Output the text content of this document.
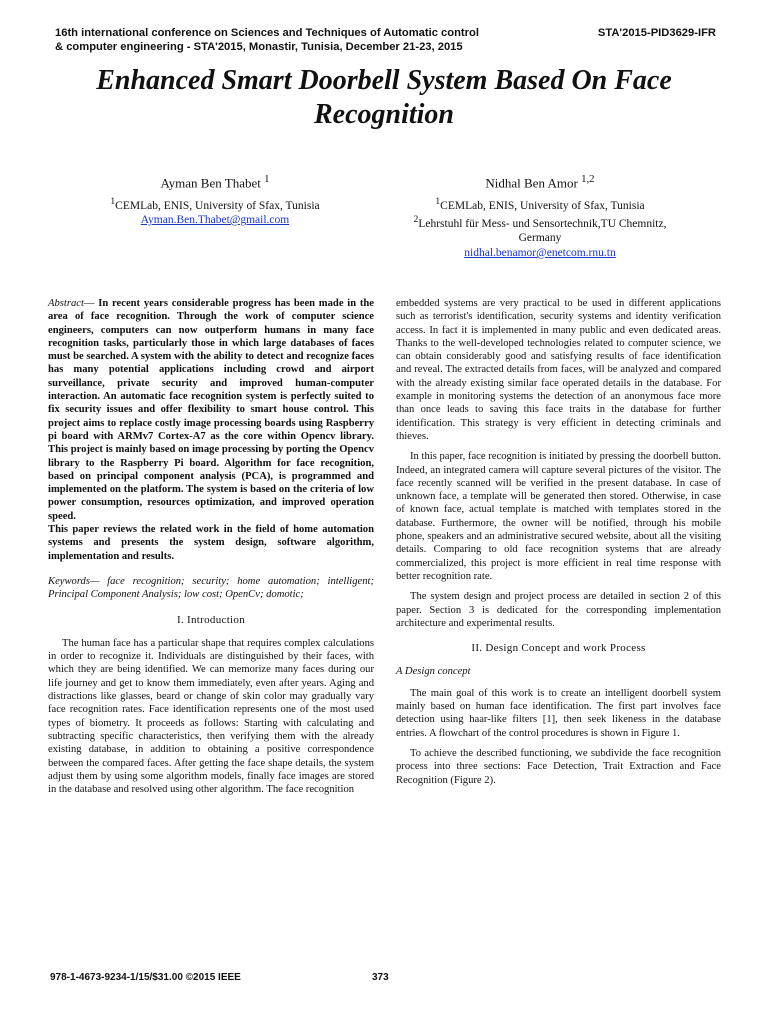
16th international conference on Sciences and Techniques of Automatic control
& computer engineering - STA'2015, Monastir, Tunisia, December 21-23, 2015
STA'2015-PID3629-IFR
Enhanced Smart Doorbell System Based On Face
Recognition
Ayman Ben Thabet $^1$
$^1$CEMLab, ENIS, University of Sfax, Tunisia
Ayman.Ben.Thabet@gmail.com
Nidhal Ben Amor $^{1,2}$
$^1$CEMLab, ENIS, University of Sfax, Tunisia
$^2$Lehrstuhl für Mess- und Sensortechnik,TU Chemnitz,
Germany
nidhal.benamor@enetcom.rnu.tn

Abstract— In recent years considerable progress has been made in the area of face recognition. Through the work of computer science engineers, computers can now outperform humans in many face recognition tasks, particularly those in which large databases of faces must be searched. A system with the ability to detect and recognize faces has many potential applications including crowd and airport surveillance, private security and improved human-computer interaction. An automatic face recognition system is perfectly suited to fix security issues and offer flexibility to smart house control. This project aims to replace costly image processing boards using Raspberry pi board with ARMv7 Cortex-A7 as the core within Opencv library. This project is mainly based on image processing by porting the Opencv library to the Raspberry Pi board. Algorithm for face recognition, based on principal component analysis (PCA), is programmed and implemented on the platform. The system is based on the criteria of low power consumption, resources optimization, and improved operation speed.

This paper reviews the related work in the field of home automation systems and presents the system design, software algorithm, implementation and results.

Keywords— face recognition; security; home automation; intelligent; Principal Component Analysis; low cost; OpenCv; domotic;

I. Introduction

The human face has a particular shape that requires complex calculations in order to recognize it. Individuals are distinguished by their faces, with which they are being identified. We can memorize many faces during our life journey and get to know them immediately, even after years. Aging and distractions like glasses, beard or change of skin color may gradually vary face recognition rates. Face identification represents one of the most used types of biometry. It proceeds as follows: Starting with calculating and subtracting specific characteristics, then verifying them with the already existing database, in addition to obtaining a positive correspondence between the compared faces. After getting the face shape details, the system adjust them by using some algorithm models, finally face images are stored in the database and resolved using other algorithm. The face recognition

embedded systems are very practical to be used in different applications such as terrorist's identification, security systems and identity verification access. In fact it is implemented in many public and even dedicated areas. Thanks to the well-developed technologies related to computer science, we can obtain considerably good and satisfying results of face identification and reveal. The extracted details from faces, will be analyzed and compared with the already existing similar face operated details in the database. For example in monitoring systems the detection of an anonymous face more than once leads to saving this face traits in the database for further identification. This strategy is very efficient in detecting criminals and thieves.

In this paper, face recognition is initiated by pressing the doorbell button. Indeed, an integrated camera will capture several pictures of the visitor. The face recently scanned will be verified in the present database. In case of unknown face, a template will be generated then stored. Otherwise, in case of known face, actual template is matched with templates stored in the database. Furthermore, the owner will be notified, through his mobile phone, speakers and an administrative secured website, about all the visiting details. Comparing to old face recognition systems that are already commercialized, this project is more efficient in real time response with better recognition rate.

The system design and project process are detailed in section 2 of this paper. Section 3 is dedicated for the corresponding implementation architecture and experimental results.

II. Design Concept and work Process

A Design concept

The main goal of this work is to create an intelligent doorbell system mainly based on human face identification. The first part involves face detection using haar-like filters [1], then seek likeness in the database entries. A flowchart of the control procedures is shown in Figure 1.

To achieve the described functioning, we subdivide the face recognition process into three sections: Face Detection, Trait Extraction and Face Recognition (Figure 2).

978-1-4673-9234-1/15/$31.00 ©2015 IEEE	373
